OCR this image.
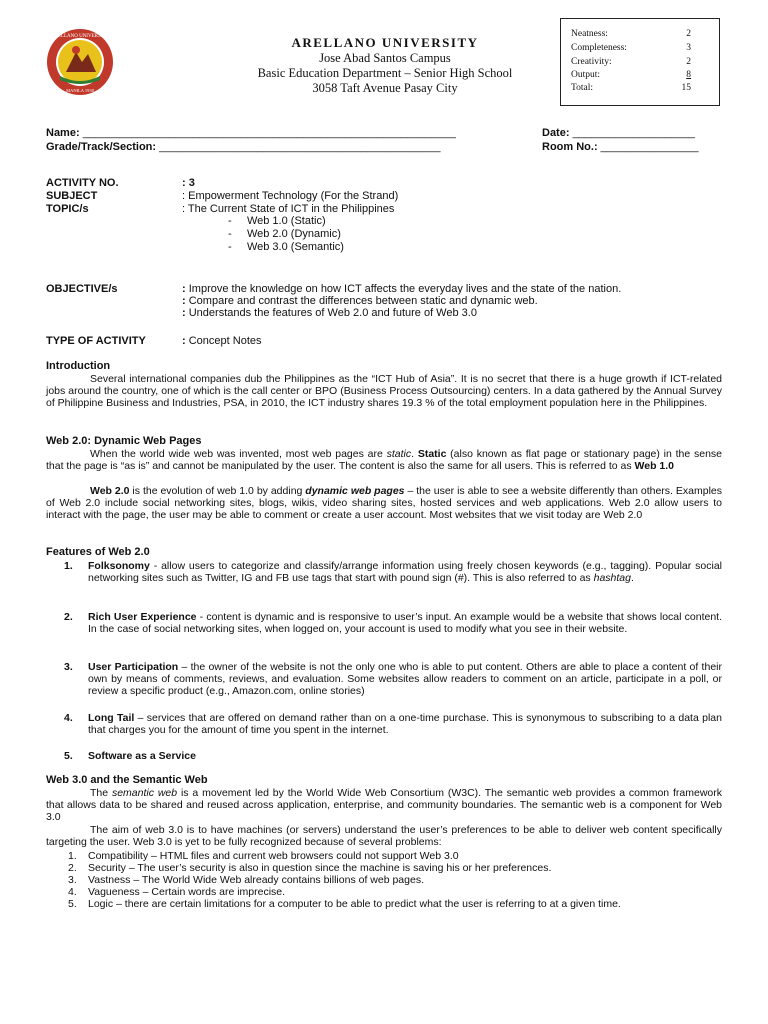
ARELLANO UNIVERSITY
MANILA 1938
ARELLANO UNIVERSITY
Jose Abad Santos Campus
Basic Education Department – Senior High School
3058 Taft Avenue Pasay City
Neatness:	2
Completeness:	3
Creativity:	2
Output:	8
Total:	15
Name: _____________________________________________________________	Date: ____________________
Grade/Track/Section: ______________________________________________	Room No.: ________________
ACTIVITY NO.	: 3
SUBJECT	: Empowerment Technology (For the Strand)
TOPIC/s	: The Current State of ICT in the Philippines
-     Web 1.0 (Static)
-     Web 2.0 (Dynamic)
-     Web 3.0 (Semantic)
OBJECTIVE/s	: Improve the knowledge on how ICT affects the everyday lives and the state of the nation.
: Compare and contrast the differences between static and dynamic web.
: Understands the features of Web 2.0 and future of Web 3.0
TYPE OF ACTIVITY	: Concept Notes
Introduction
Several international companies dub the Philippines as the “ICT Hub of Asia”. It is no secret that there is a huge growth if ICT-related jobs around the country, one of which is the call center or BPO (Business Process Outsourcing) centers. In a data gathered by the Annual Survey of Philippine Business and Industries, PSA, in 2010, the ICT industry shares 19.3 % of the total employment population here in the Philippines.
Web 2.0: Dynamic Web Pages
When the world wide web was invented, most web pages are static. Static (also known as flat page or stationary page) in the sense that the page is “as is” and cannot be manipulated by the user. The content is also the same for all users. This is referred to as Web 1.0
Web 2.0 is the evolution of web 1.0 by adding dynamic web pages – the user is able to see a website differently than others. Examples of Web 2.0 include social networking sites, blogs, wikis, video sharing sites, hosted services and web applications. Web 2.0 allow users to interact with the page, the user may be able to comment or create a user account. Most websites that we visit today are Web 2.0
Features of Web 2.0
1. Folksonomy - allow users to categorize and classify/arrange information using freely chosen keywords (e.g., tagging). Popular social networking sites such as Twitter, IG and FB use tags that start with pound sign (#). This is also referred to as hashtag.
2. Rich User Experience - content is dynamic and is responsive to user’s input. An example would be a website that shows local content. In the case of social networking sites, when logged on, your account is used to modify what you see in their website.
3. User Participation – the owner of the website is not the only one who is able to put content. Others are able to place a content of their own by means of comments, reviews, and evaluation. Some websites allow readers to comment on an article, participate in a poll, or review a specific product (e.g., Amazon.com, online stories)
4. Long Tail – services that are offered on demand rather than on a one-time purchase. This is synonymous to subscribing to a data plan that charges you for the amount of time you spent in the internet.
5. Software as a Service
Web 3.0 and the Semantic Web
The semantic web is a movement led by the World Wide Web Consortium (W3C). The semantic web provides a common framework that allows data to be shared and reused across application, enterprise, and community boundaries. The semantic web is a component for Web 3.0
The aim of web 3.0 is to have machines (or servers) understand the user’s preferences to be able to deliver web content specifically targeting the user. Web 3.0 is yet to be fully recognized because of several problems:
1. Compatibility – HTML files and current web browsers could not support Web 3.0
2. Security – The user’s security is also in question since the machine is saving his or her preferences.
3. Vastness – The World Wide Web already contains billions of web pages.
4. Vagueness – Certain words are imprecise.
5. Logic – there are certain limitations for a computer to be able to predict what the user is referring to at a given time.
